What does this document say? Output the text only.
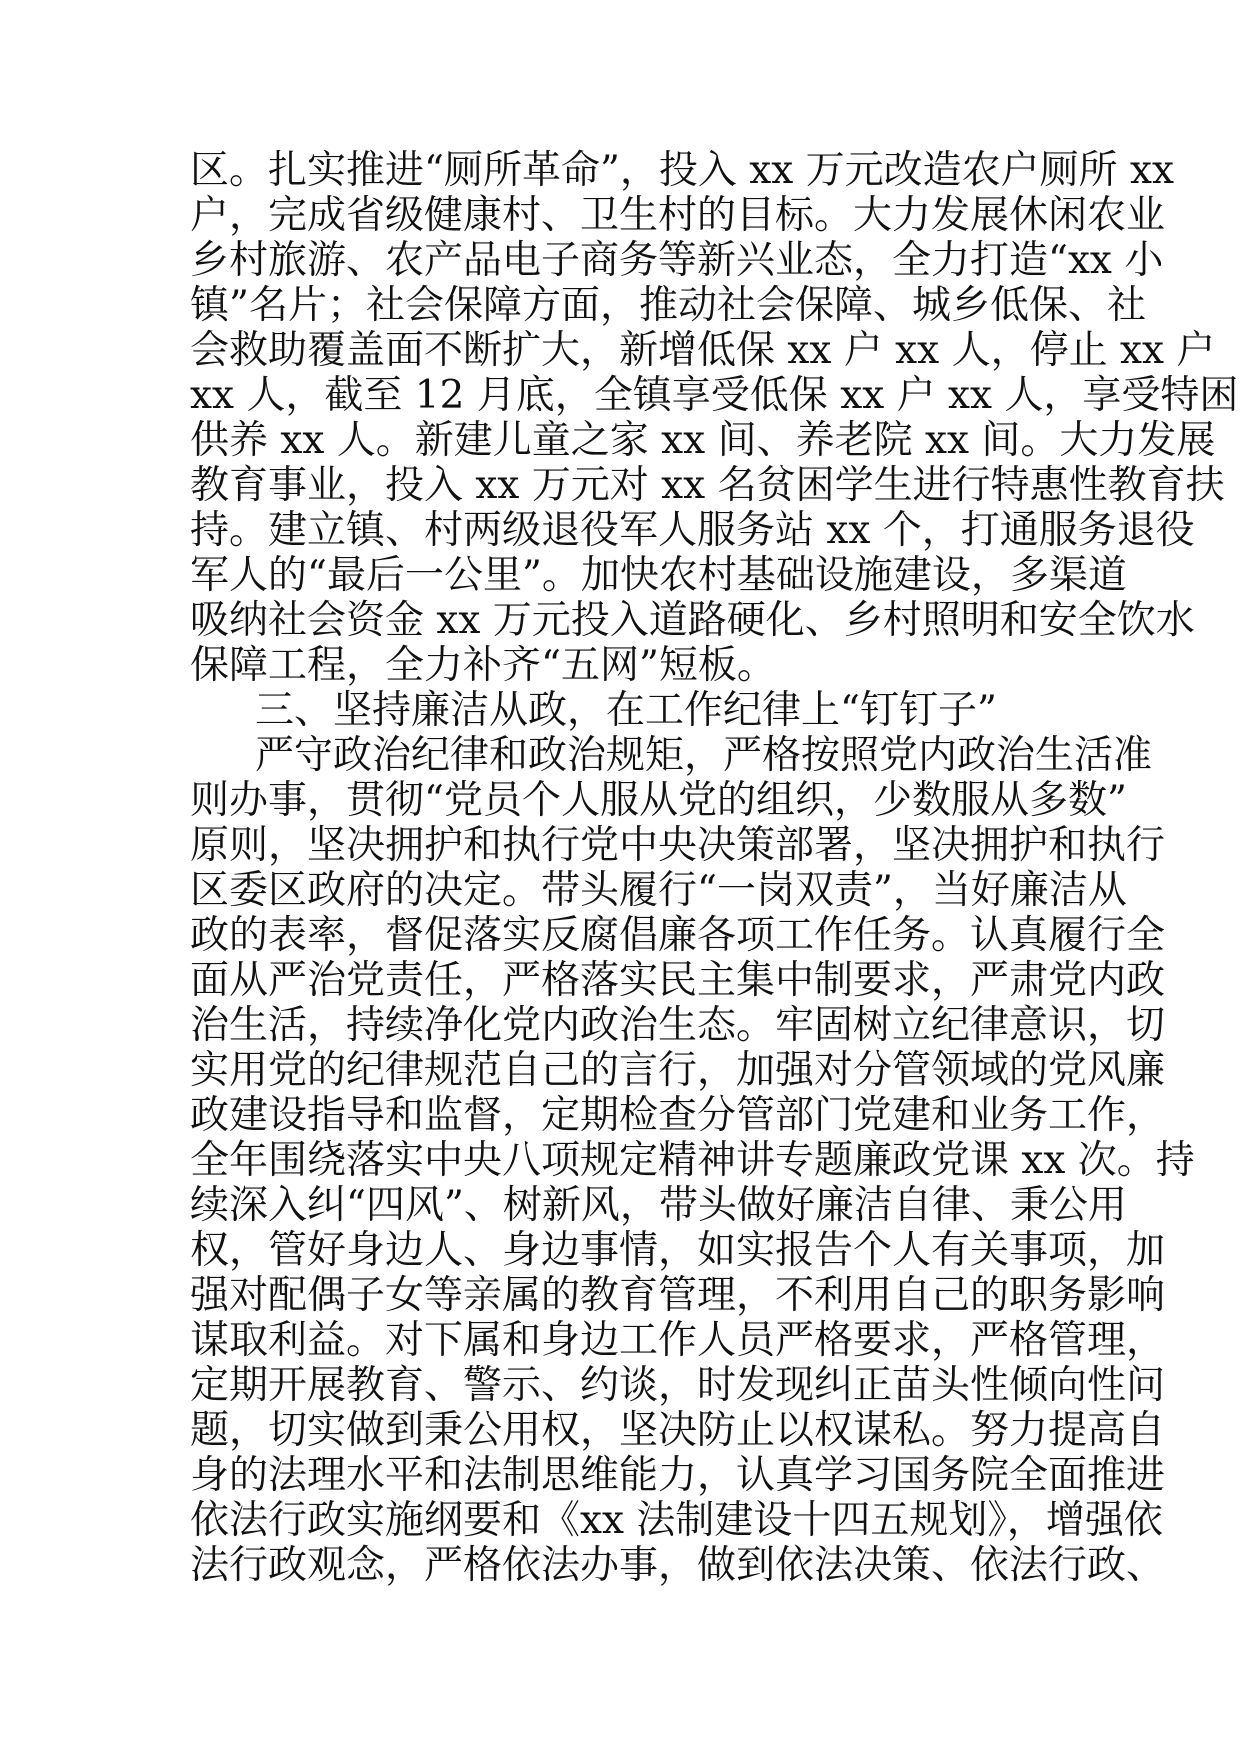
区。扎实推进“厕所革命”，投入 xx 万元改造农户厕所 xx
户，完成省级健康村、卫生村的目标。大力发展休闲农业
乡村旅游、农产品电子商务等新兴业态，全力打造“xx 小
镇”名片；社会保障方面，推动社会保障、城乡低保、社
会救助覆盖面不断扩大，新增低保 xx 户 xx 人，停止 xx 户
xx 人，截至 12 月底，全镇享受低保 xx 户 xx 人，享受特困
供养 xx 人。新建儿童之家 xx 间、养老院 xx 间。大力发展
教育事业，投入 xx 万元对 xx 名贫困学生进行特惠性教育扶
持。建立镇、村两级退役军人服务站 xx 个，打通服务退役
军人的“最后一公里”。加快农村基础设施建设，多渠道
吸纳社会资金 xx 万元投入道路硬化、乡村照明和安全饮水
保障工程，全力补齐“五网”短板。
三、坚持廉洁从政，在工作纪律上“钉钉子”
严守政治纪律和政治规矩，严格按照党内政治生活准
则办事，贯彻“党员个人服从党的组织，少数服从多数”
原则，坚决拥护和执行党中央决策部署，坚决拥护和执行
区委区政府的决定。带头履行“一岗双责”，当好廉洁从
政的表率，督促落实反腐倡廉各项工作任务。认真履行全
面从严治党责任，严格落实民主集中制要求，严肃党内政
治生活，持续净化党内政治生态。牢固树立纪律意识，切
实用党的纪律规范自己的言行，加强对分管领域的党风廉
政建设指导和监督，定期检查分管部门党建和业务工作，
全年围绕落实中央八项规定精神讲专题廉政党课 xx 次。持
续深入纠“四风”、树新风，带头做好廉洁自律、秉公用
权，管好身边人、身边事情，如实报告个人有关事项，加
强对配偶子女等亲属的教育管理，不利用自己的职务影响
谋取利益。对下属和身边工作人员严格要求，严格管理，
定期开展教育、警示、约谈，时发现纠正苗头性倾向性问
题，切实做到秉公用权，坚决防止以权谋私。努力提高自
身的法理水平和法制思维能力，认真学习国务院全面推进
依法行政实施纲要和《xx 法制建设十四五规划》，增强依
法行政观念，严格依法办事，做到依法决策、依法行政、
